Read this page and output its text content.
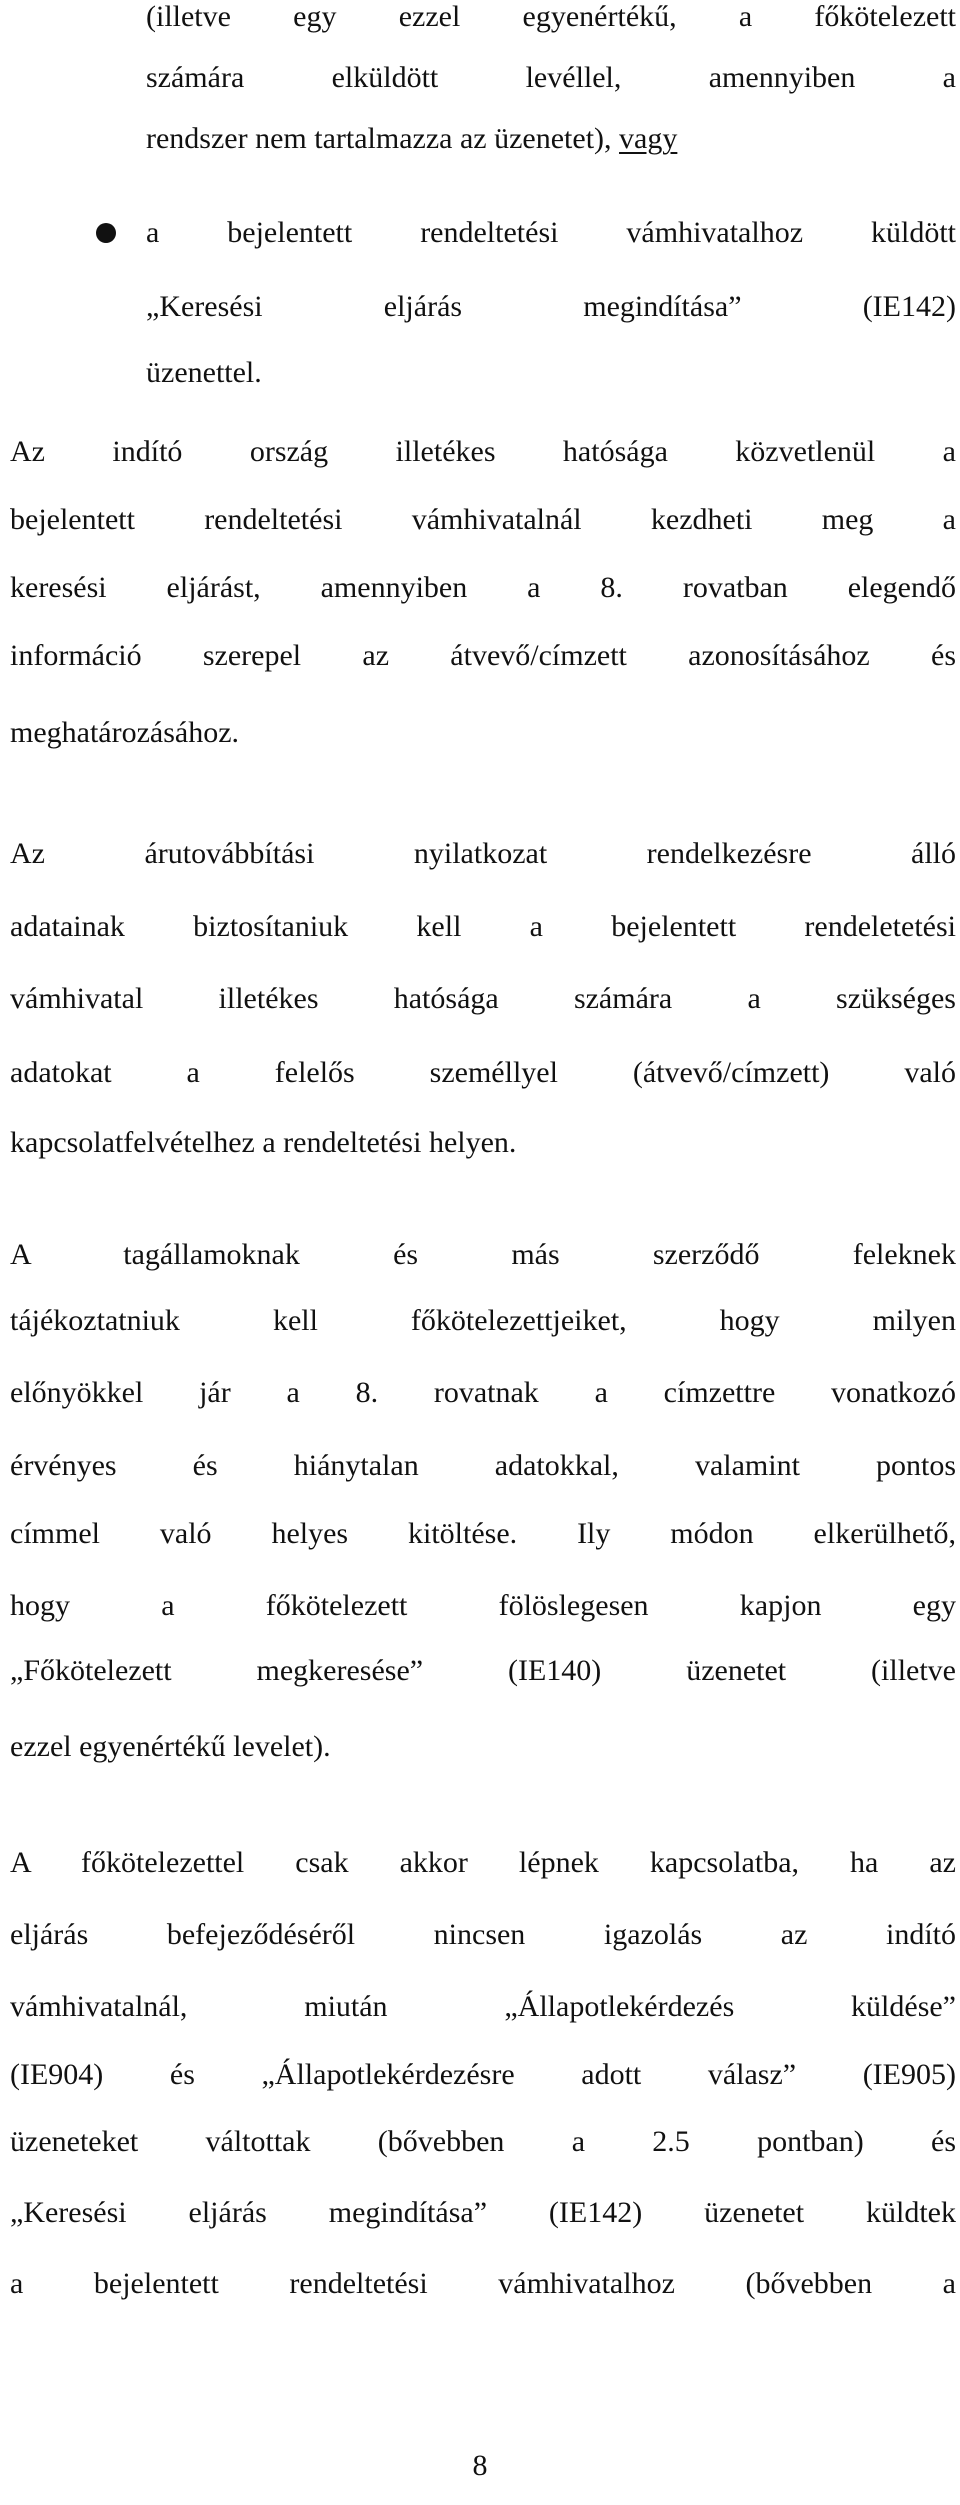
(illetve egy ezzel egyenértékű, a főkötelezett
számára elküldött levéllel, amennyiben a
rendszer nem tartalmazza az üzenetet), vagy
a bejelentett rendeltetési vámhivatalhoz küldött
„Keresési eljárás megindítása” (IE142)
üzenettel.
Az indító ország illetékes hatósága közvetlenül a
bejelentett rendeltetési vámhivatalnál kezdheti meg a
keresési eljárást, amennyiben a 8. rovatban elegendő
információ szerepel az átvevő/címzett azonosításához és
meghatározásához.
Az árutovábbítási nyilatkozat rendelkezésre álló
adatainak biztosítaniuk kell a bejelentett rendeletetési
vámhivatal illetékes hatósága számára a szükséges
adatokat a felelős személlyel (átvevő/címzett) való
kapcsolatfelvételhez a rendeltetési helyen.
A tagállamoknak és más szerződő feleknek
tájékoztatniuk kell főkötelezettjeiket, hogy milyen
előnyökkel jár a 8. rovatnak a címzettre vonatkozó
érvényes és hiánytalan adatokkal, valamint pontos
címmel való helyes kitöltése. Ily módon elkerülhető,
hogy a főkötelezett fölöslegesen kapjon egy
„Főkötelezett megkeresése” (IE140) üzenetet (illetve
ezzel egyenértékű levelet).
A főkötelezettel csak akkor lépnek kapcsolatba, ha az
eljárás befejeződéséről nincsen igazolás az indító
vámhivatalnál, miután „Állapotlekérdezés küldése”
(IE904) és „Állapotlekérdezésre adott válasz” (IE905)
üzeneteket váltottak (bővebben a 2.5 pontban) és
„Keresési eljárás megindítása” (IE142) üzenetet küldtek
a bejelentett rendeltetési vámhivatalhoz (bővebben a
8
